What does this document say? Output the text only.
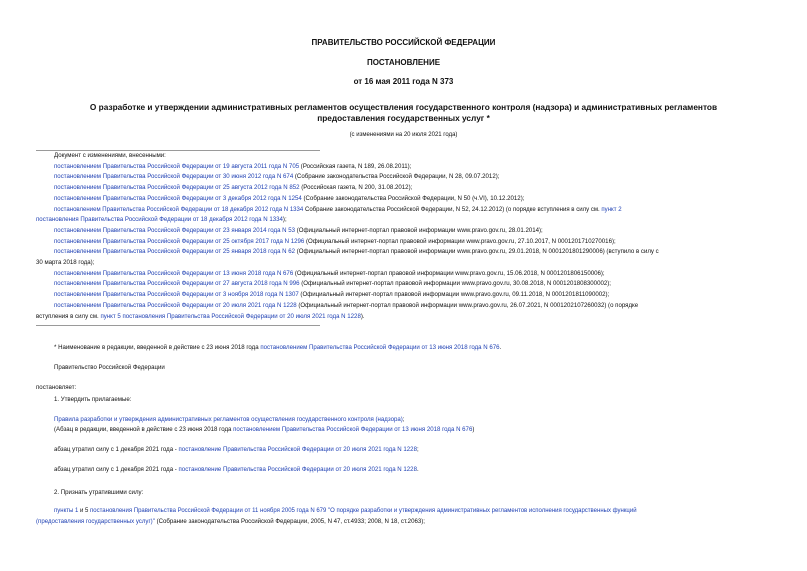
ПРАВИТЕЛЬСТВО РОССИЙСКОЙ ФЕДЕРАЦИИ
ПОСТАНОВЛЕНИЕ
от 16 мая 2011 года N 373
О разработке и утверждении административных регламентов осуществления государственного контроля (надзора) и административных регламентов
предоставления государственных услуг *
(с изменениями на 20 июля 2021 года)
Документ с изменениями, внесенными:
постановлением Правительства Российской Федерации от 19 августа 2011 года N 705 (Российская газета, N 189, 26.08.2011);
постановлением Правительства Российской Федерации от 30 июня 2012 года N 674 (Собрание законодательства Российской Федерации, N 28, 09.07.2012);
постановлением Правительства Российской Федерации от 25 августа 2012 года N 852 (Российская газета, N 200, 31.08.2012);
постановлением Правительства Российской Федерации от 3 декабря 2012 года N 1254 (Собрание законодательства Российской Федерации, N 50 (ч.VI), 10.12.2012);
постановлением Правительства Российской Федерации от 18 декабря 2012 года N 1334 Собрание законодательства Российской Федерации, N 52, 24.12.2012) (о порядке вступления в силу см. пункт 2
постановления Правительства Российской Федерации от 18 декабря 2012 года N 1334);
постановлением Правительства Российской Федерации от 23 января 2014 года N 53 (Официальный интернет-портал правовой информации www.pravo.gov.ru, 28.01.2014);
постановлением Правительства Российской Федерации от 25 октября 2017 года N 1296 (Официальный интернет-портал правовой информации www.pravo.gov.ru, 27.10.2017, N 0001201710270016);
постановлением Правительства Российской Федерации от 25 января 2018 года N 62 (Официальный интернет-портал правовой информации www.pravo.gov.ru, 29.01.2018, N 0001201801290006) (вступило в силу с
30 марта 2018 года);
постановлением Правительства Российской Федерации от 13 июня 2018 года N 676 (Официальный интернет-портал правовой информации www.pravo.gov.ru, 15.06.2018, N 0001201806150006);
постановлением Правительства Российской Федерации от 27 августа 2018 года N 996 (Официальный интернет-портал правовой информации www.pravo.gov.ru, 30.08.2018, N 0001201808300002);
постановлением Правительства Российской Федерации от 3 ноября 2018 года N 1307 (Официальный интернет-портал правовой информации www.pravo.gov.ru, 09.11.2018, N 0001201811090002);
постановлением Правительства Российской Федерации от 20 июля 2021 года N 1228 (Официальный интернет-портал правовой информации www.pravo.gov.ru, 26.07.2021, N 0001202107260032) (о порядке
вступления в силу см. пункт 5 постановления Правительства Российской Федерации от 20 июля 2021 года N 1228).
* Наименование в редакции, введенной в действие с 23 июня 2018 года постановлением Правительства Российской Федерации от 13 июня 2018 года N 676.
Правительство Российской Федерации
постановляет:
1. Утвердить прилагаемые:
Правила разработки и утверждения административных регламентов осуществления государственного контроля (надзора);
(Абзац в редакции, введенной в действие с 23 июня 2018 года постановлением Правительства Российской Федерации от 13 июня 2018 года N 676)
абзац утратил силу с 1 декабря 2021 года - постановление Правительства Российской Федерации от 20 июля 2021 года N 1228;
абзац утратил силу с 1 декабря 2021 года - постановление Правительства Российской Федерации от 20 июля 2021 года N 1228.
2. Признать утратившими силу:
пункты 1 и 5 постановления Правительства Российской Федерации от 11 ноября 2005 года N 679 "О порядке разработки и утверждения административных регламентов исполнения государственных функций
(предоставления государственных услуг)" (Собрание законодательства Российской Федерации, 2005, N 47, ст.4933; 2008, N 18, ст.2063);
